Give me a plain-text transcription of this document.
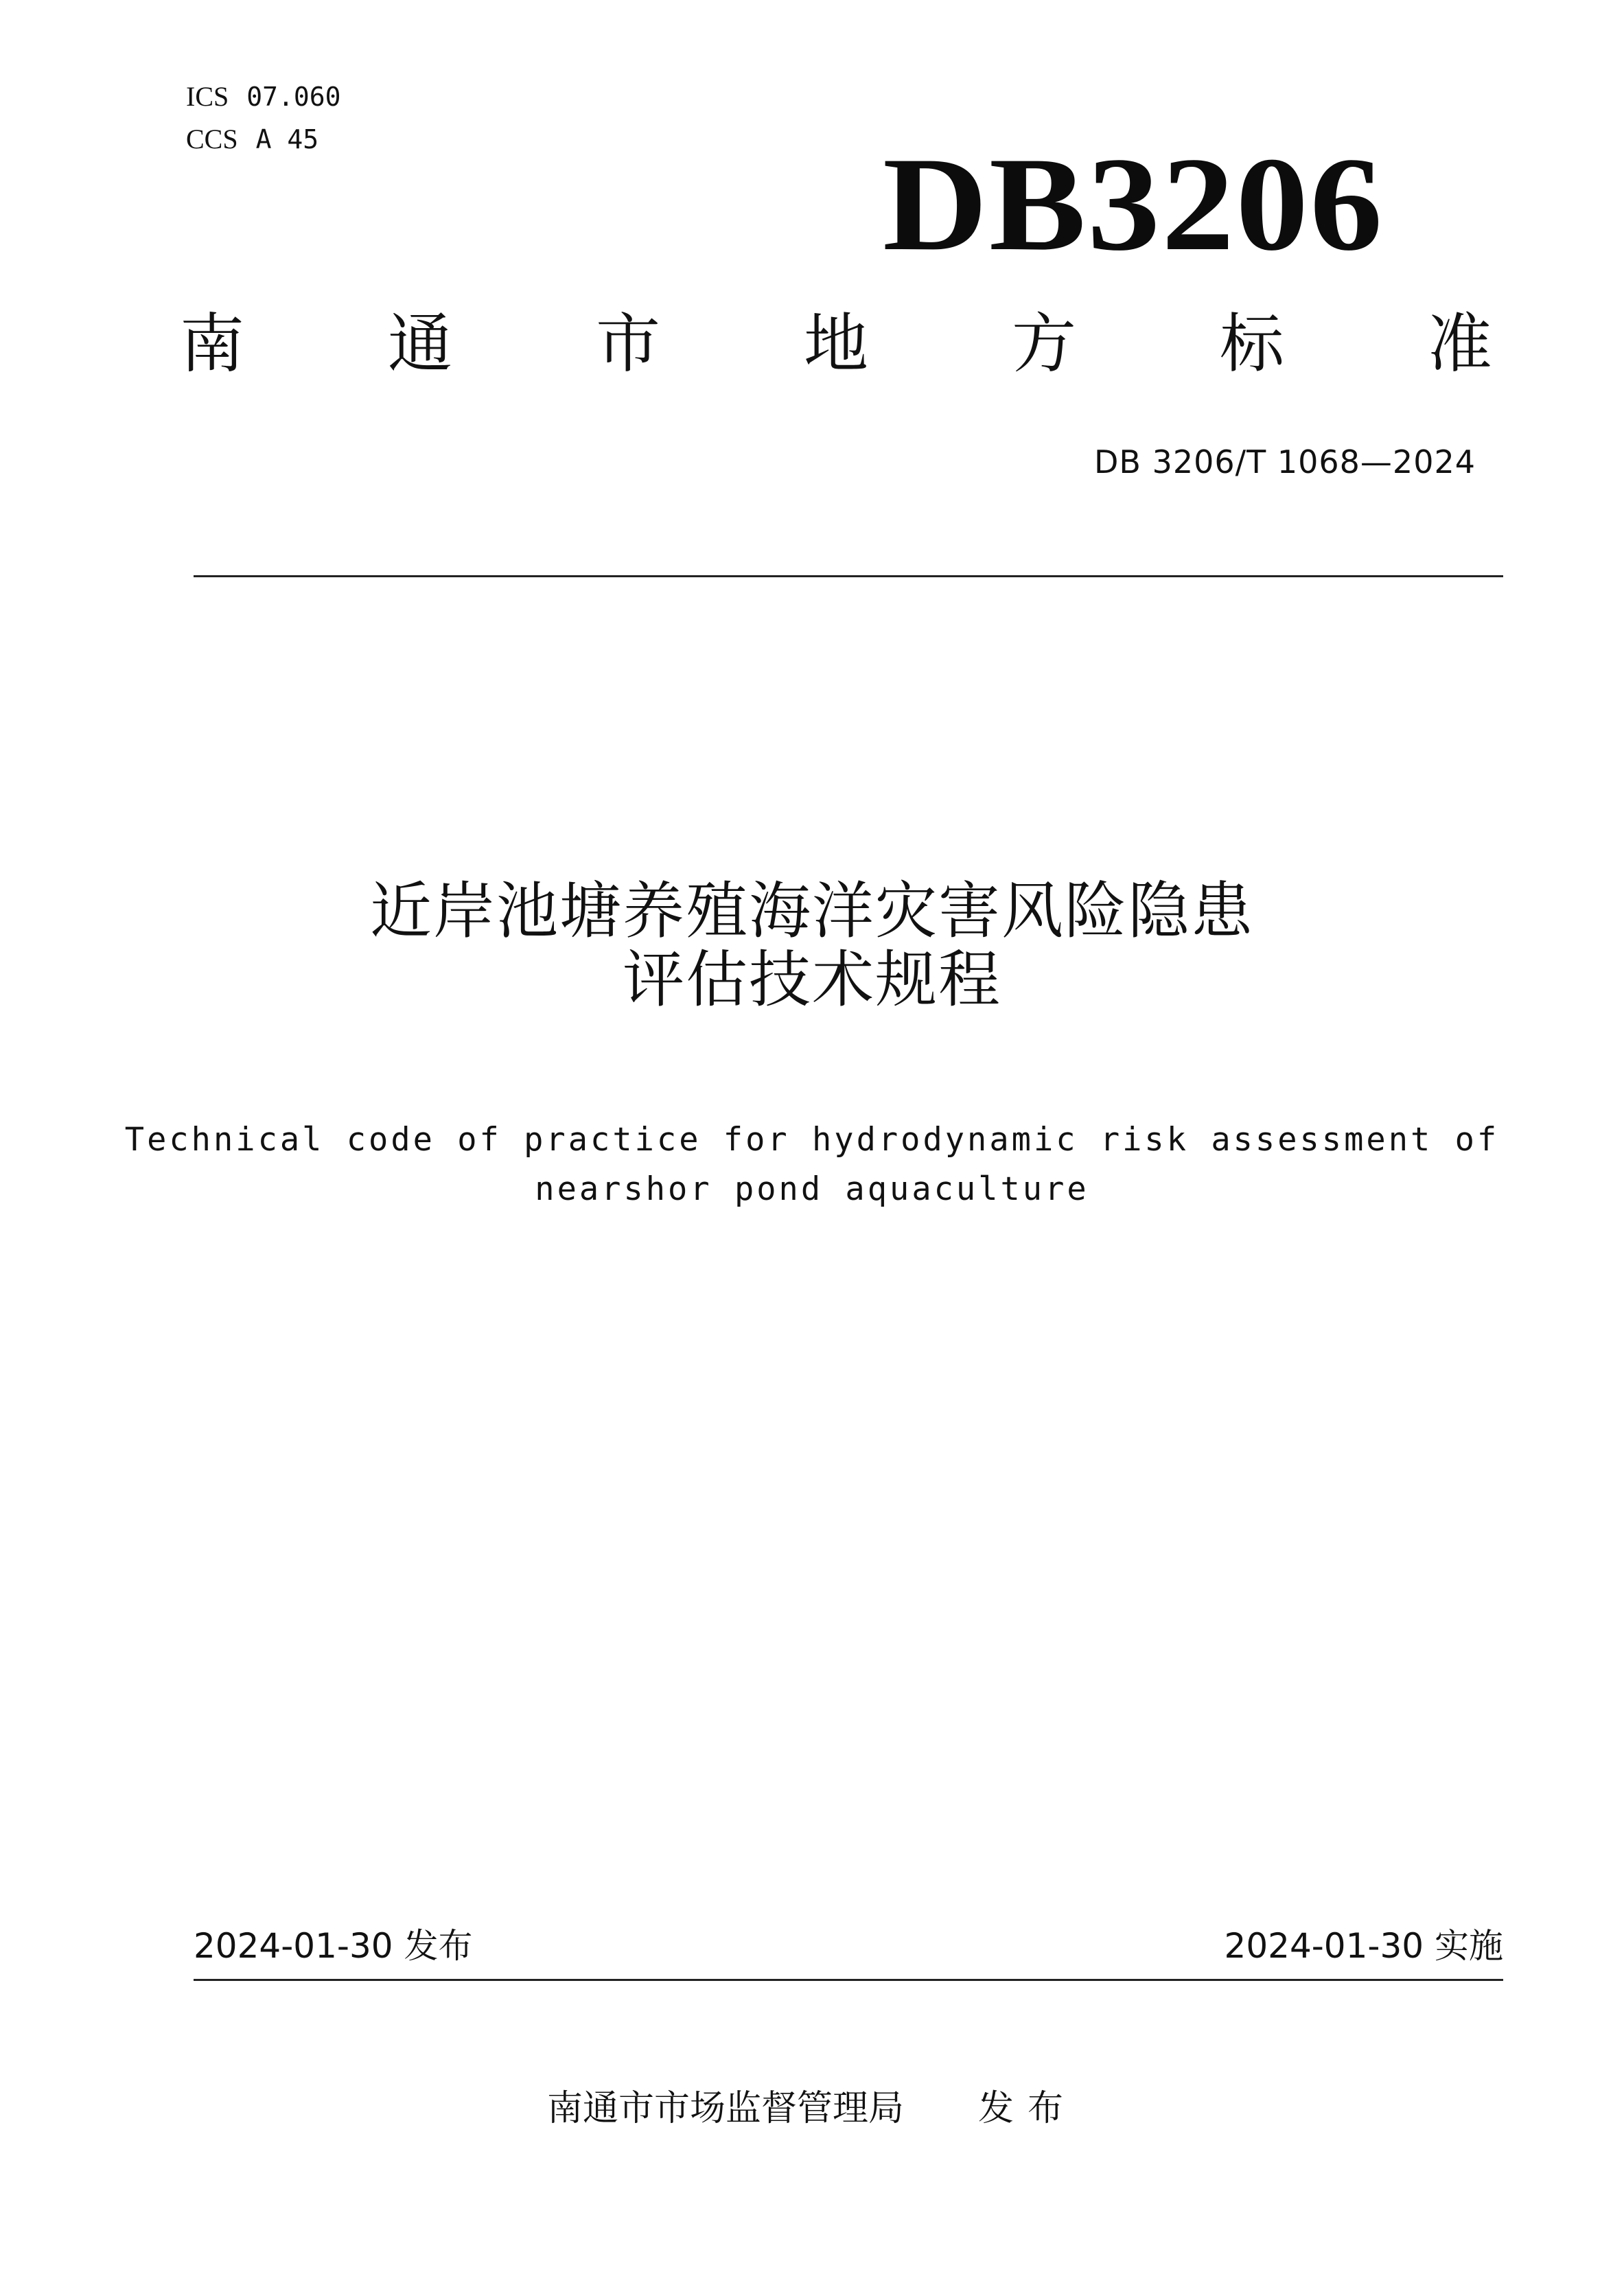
ICS 07.060
CCS A 45	DB3206
南 通 市 地 方 标 准
DB 3206/T 1068—2024
近岸池塘养殖海洋灾害风险隐患
评估技术规程
Technical code of practice for hydrodynamic risk assessment of
nearshor pond aquaculture
2024-01-30 发布	2024-01-30 实施
南通市市场监督管理局 发布
